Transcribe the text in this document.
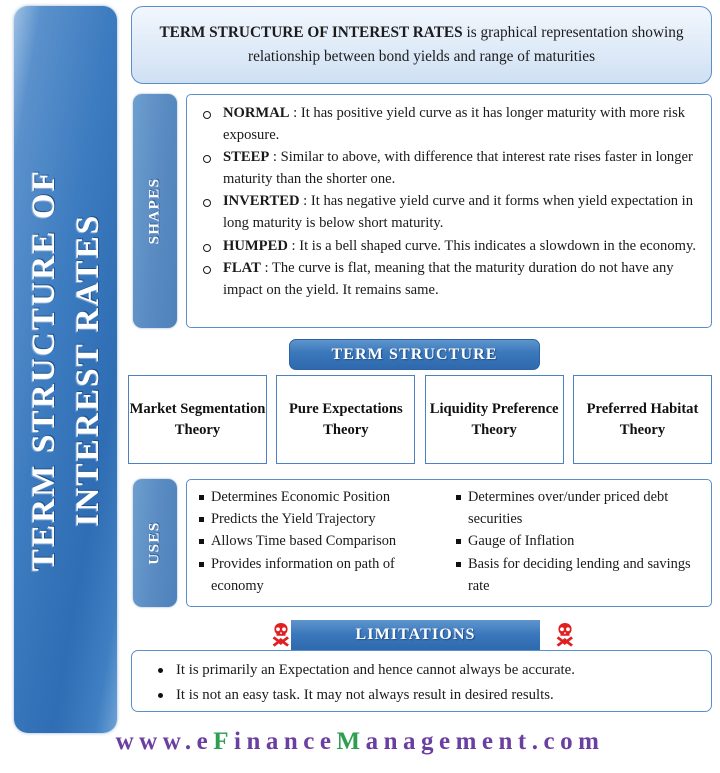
TERM STRUCTURE OF INTEREST RATES
TERM STRUCTURE OF INTEREST RATES is graphical representation showing relationship between bond yields and range of maturities
SHAPES
NORMAL : It has positive yield curve as it has longer maturity with more risk exposure.
STEEP : Similar to above, with difference that interest rate rises faster in longer maturity than the shorter one.
INVERTED : It has negative yield curve and it forms when yield expectation in long maturity is below short maturity.
HUMPED : It is a bell shaped curve. This indicates a slowdown in the economy.
FLAT : The curve is flat, meaning that the maturity duration do not have any impact on the yield. It remains same.
TERM STRUCTURE
Market Segmentation Theory
Pure Expectations Theory
Liquidity Preference Theory
Preferred Habitat Theory
USES
Determines Economic Position
Predicts the Yield Trajectory
Allows Time based Comparison
Provides information on path of economy
Determines over/under priced debt securities
Gauge of Inflation
Basis for deciding lending and savings rate
LIMITATIONS
It is primarily an Expectation and hence cannot always be accurate.
It is not an easy task. It may not always result in desired results.
www.eFinanceManagement.com
